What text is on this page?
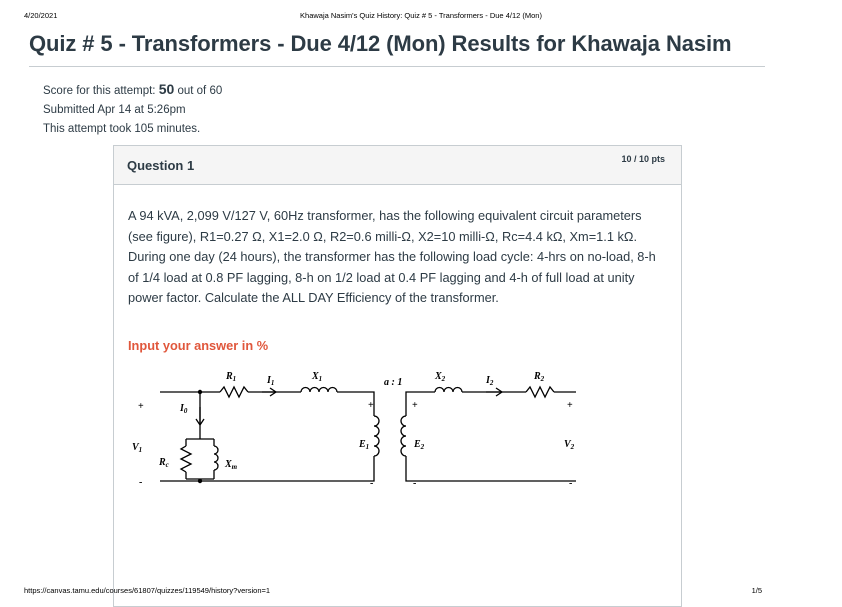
4/20/2021	Khawaja Nasim's Quiz History: Quiz # 5 - Transformers - Due 4/12 (Mon)
Quiz # 5 - Transformers - Due 4/12 (Mon) Results for Khawaja Nasim
Score for this attempt: 50 out of 60
Submitted Apr 14 at 5:26pm
This attempt took 105 minutes.
Question 1	10 / 10 pts
A 94 kVA, 2,099 V/127 V, 60Hz transformer, has the following equivalent circuit parameters (see figure), R1=0.27 Ω, X1=2.0 Ω, R2=0.6 milli-Ω, X2=10 milli-Ω, Rc=4.4 kΩ, Xm=1.1 kΩ. During one day (24 hours), the transformer has the following load cycle: 4-hrs on no-load, 8-h of 1/4 load at 0.8 PF lagging, 8-h on 1/2 load at 0.4 PF lagging and 4-h of full load at unity power factor. Calculate the ALL DAY Efficiency of the transformer.
Input your answer in %
$R_1$	$I_1$
$X_1$	a : 1
$X_2$	$I_2$
$R_2$
$I_0$
$V_1$
$R_c$	$X_m$
$E_1$	$E_2$	$V_2$
+
-
+
-
+
-
+
-
https://canvas.tamu.edu/courses/61807/quizzes/119549/history?version=1	1/5
